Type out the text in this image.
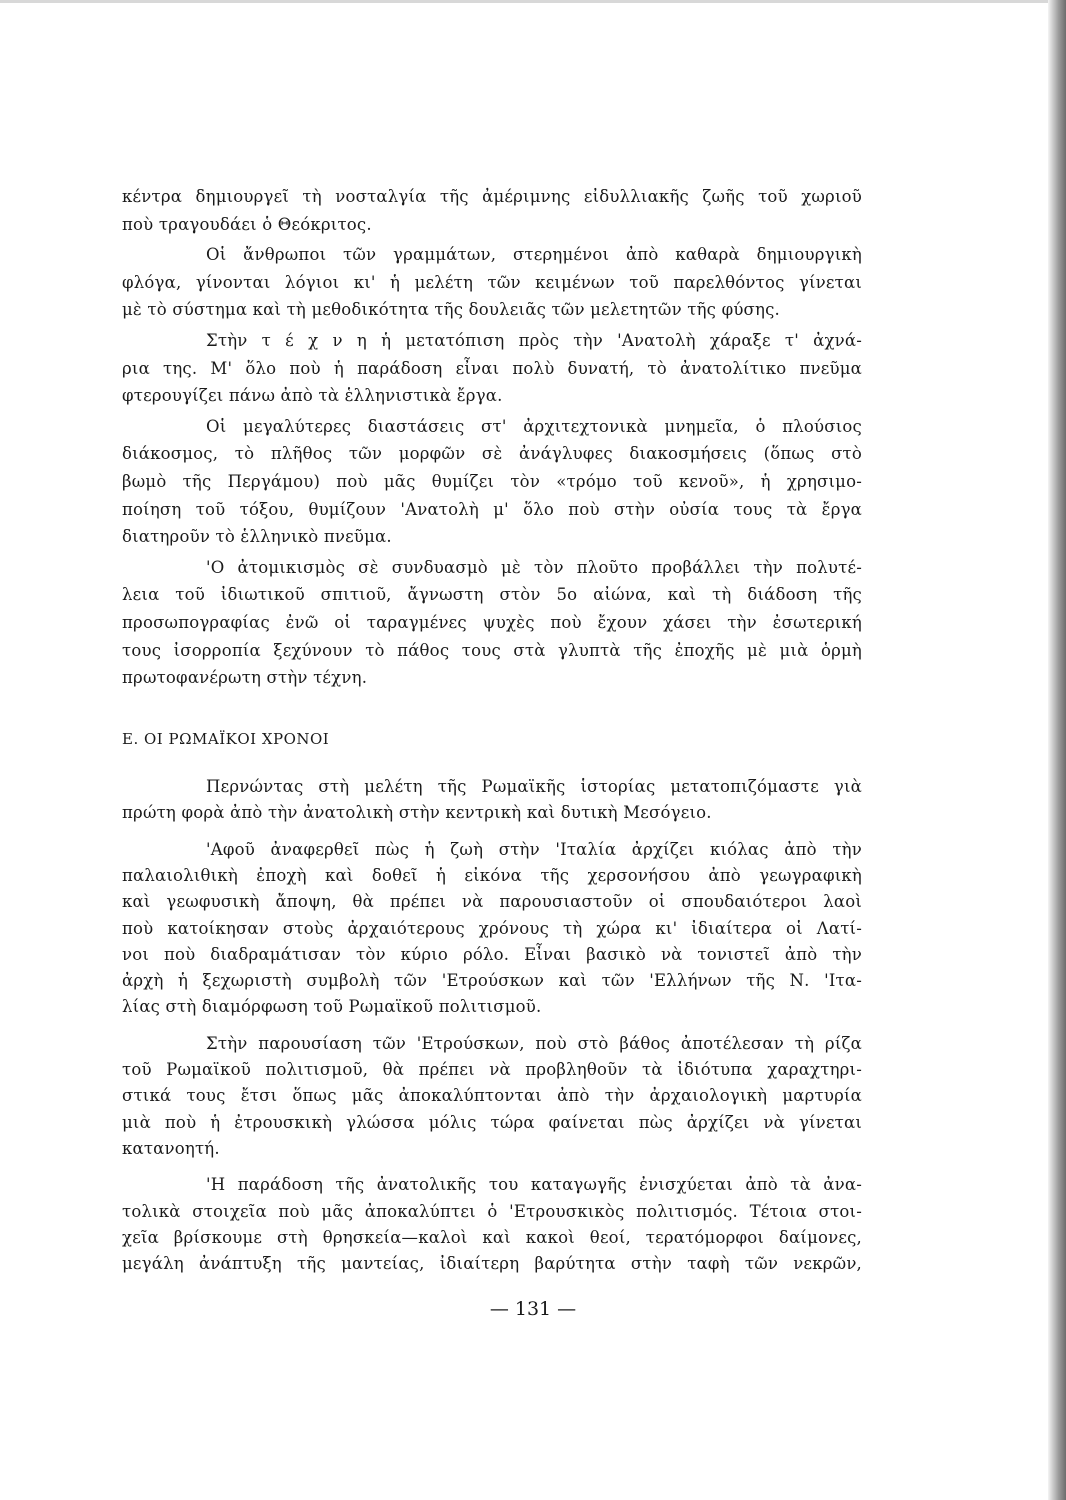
κέντρα δημιουργεῖ τὴ νοσταλγία τῆς ἀμέριμνης εἰδυλλιακῆς ζωῆς τοῦ χωριοῦ
ποὺ τραγουδάει ὁ Θεόκριτος.
Οἱ ἄνθρωποι τῶν γραμμάτων, στερημένοι ἀπὸ καθαρὰ δημιουργικὴ
φλόγα, γίνονται λόγιοι κι' ἡ μελέτη τῶν κειμένων τοῦ παρελθόντος γίνεται
μὲ τὸ σύστημα καὶ τὴ μεθοδικότητα τῆς δουλειᾶς τῶν μελετητῶν τῆς φύσης.
Στὴν τ έ χ ν η ἡ μετατόπιση πρὸς τὴν 'Ανατολὴ χάραξε τ' ἀχνά-
ρια της. Μ' ὅλο ποὺ ἡ παράδοση εἶναι πολὺ δυνατή, τὸ ἀνατολίτικο πνεῦμα
φτερουγίζει πάνω ἀπὸ τὰ ἑλληνιστικὰ ἔργα.
Οἱ μεγαλύτερες διαστάσεις στ' ἀρχιτεχτονικὰ μνημεῖα, ὁ πλούσιος
διάκοσμος, τὸ πλῆθος τῶν μορφῶν σὲ ἀνάγλυφες διακοσμήσεις (ὅπως στὸ
βωμὸ τῆς Περγάμου) ποὺ μᾶς θυμίζει τὸν «τρόμο τοῦ κενοῦ», ἡ χρησιμο-
ποίηση τοῦ τόξου, θυμίζουν 'Ανατολὴ μ' ὅλο ποὺ στὴν οὐσία τους τὰ ἔργα
διατηροῦν τὸ ἑλληνικὸ πνεῦμα.
'Ο ἀτομικισμὸς σὲ συνδυασμὸ μὲ τὸν πλοῦτο προβάλλει τὴν πολυτέ-
λεια τοῦ ἰδιωτικοῦ σπιτιοῦ, ἄγνωστη στὸν 5ο αἰώνα, καὶ τὴ διάδοση τῆς
προσωπογραφίας ἐνῶ οἱ ταραγμένες ψυχὲς ποὺ ἔχουν χάσει τὴν ἐσωτερική
τους ἰσορροπία ξεχύνουν τὸ πάθος τους στὰ γλυπτὰ τῆς ἐποχῆς μὲ μιὰ ὁρμὴ
πρωτοφανέρωτη στὴν τέχνη.
Ε. ΟΙ ΡΩΜΑΪΚΟΙ ΧΡΟΝΟΙ
Περνώντας στὴ μελέτη τῆς Ρωμαϊκῆς ἱστορίας μετατοπιζόμαστε γιὰ
πρώτη φορὰ ἀπὸ τὴν ἀνατολικὴ στὴν κεντρικὴ καὶ δυτικὴ Μεσόγειο.
'Αφοῦ ἀναφερθεῖ πὼς ἡ ζωὴ στὴν 'Ιταλία ἀρχίζει κιόλας ἀπὸ τὴν
παλαιολιθικὴ ἐποχὴ καὶ δοθεῖ ἡ εἰκόνα τῆς χερσονήσου ἀπὸ γεωγραφικὴ
καὶ γεωφυσικὴ ἄποψη, θὰ πρέπει νὰ παρουσιαστοῦν οἱ σπουδαιότεροι λαοὶ
ποὺ κατοίκησαν στοὺς ἀρχαιότερους χρόνους τὴ χώρα κι' ἰδιαίτερα οἱ Λατί-
νοι ποὺ διαδραμάτισαν τὸν κύριο ρόλο. Εἶναι βασικὸ νὰ τονιστεῖ ἀπὸ τὴν
ἀρχὴ ἡ ξεχωριστὴ συμβολὴ τῶν 'Ετρούσκων καὶ τῶν 'Ελλήνων τῆς Ν. 'Ιτα-
λίας στὴ διαμόρφωση τοῦ Ρωμαϊκοῦ πολιτισμοῦ.
Στὴν παρουσίαση τῶν 'Ετρούσκων, ποὺ στὸ βάθος ἀποτέλεσαν τὴ ρίζα
τοῦ Ρωμαϊκοῦ πολιτισμοῦ, θὰ πρέπει νὰ προβληθοῦν τὰ ἰδιότυπα χαραχτηρι-
στικά τους ἔτσι ὅπως μᾶς ἀποκαλύπτονται ἀπὸ τὴν ἀρχαιολογικὴ μαρτυρία
μιὰ ποὺ ἡ ἐτρουσκικὴ γλώσσα μόλις τώρα φαίνεται πὼς ἀρχίζει νὰ γίνεται
κατανοητή.
'Η παράδοση τῆς ἀνατολικῆς του καταγωγῆς ἐνισχύεται ἀπὸ τὰ ἀνα-
τολικὰ στοιχεῖα ποὺ μᾶς ἀποκαλύπτει ὁ 'Ετρουσκικὸς πολιτισμός. Τέτοια στοι-
χεῖα βρίσκουμε στὴ θρησκεία—καλοὶ καὶ κακοὶ θεοί, τερατόμορφοι δαίμονες,
μεγάλη ἀνάπτυξη τῆς μαντείας, ἰδιαίτερη βαρύτητα στὴν ταφὴ τῶν νεκρῶν,
— 131 —
